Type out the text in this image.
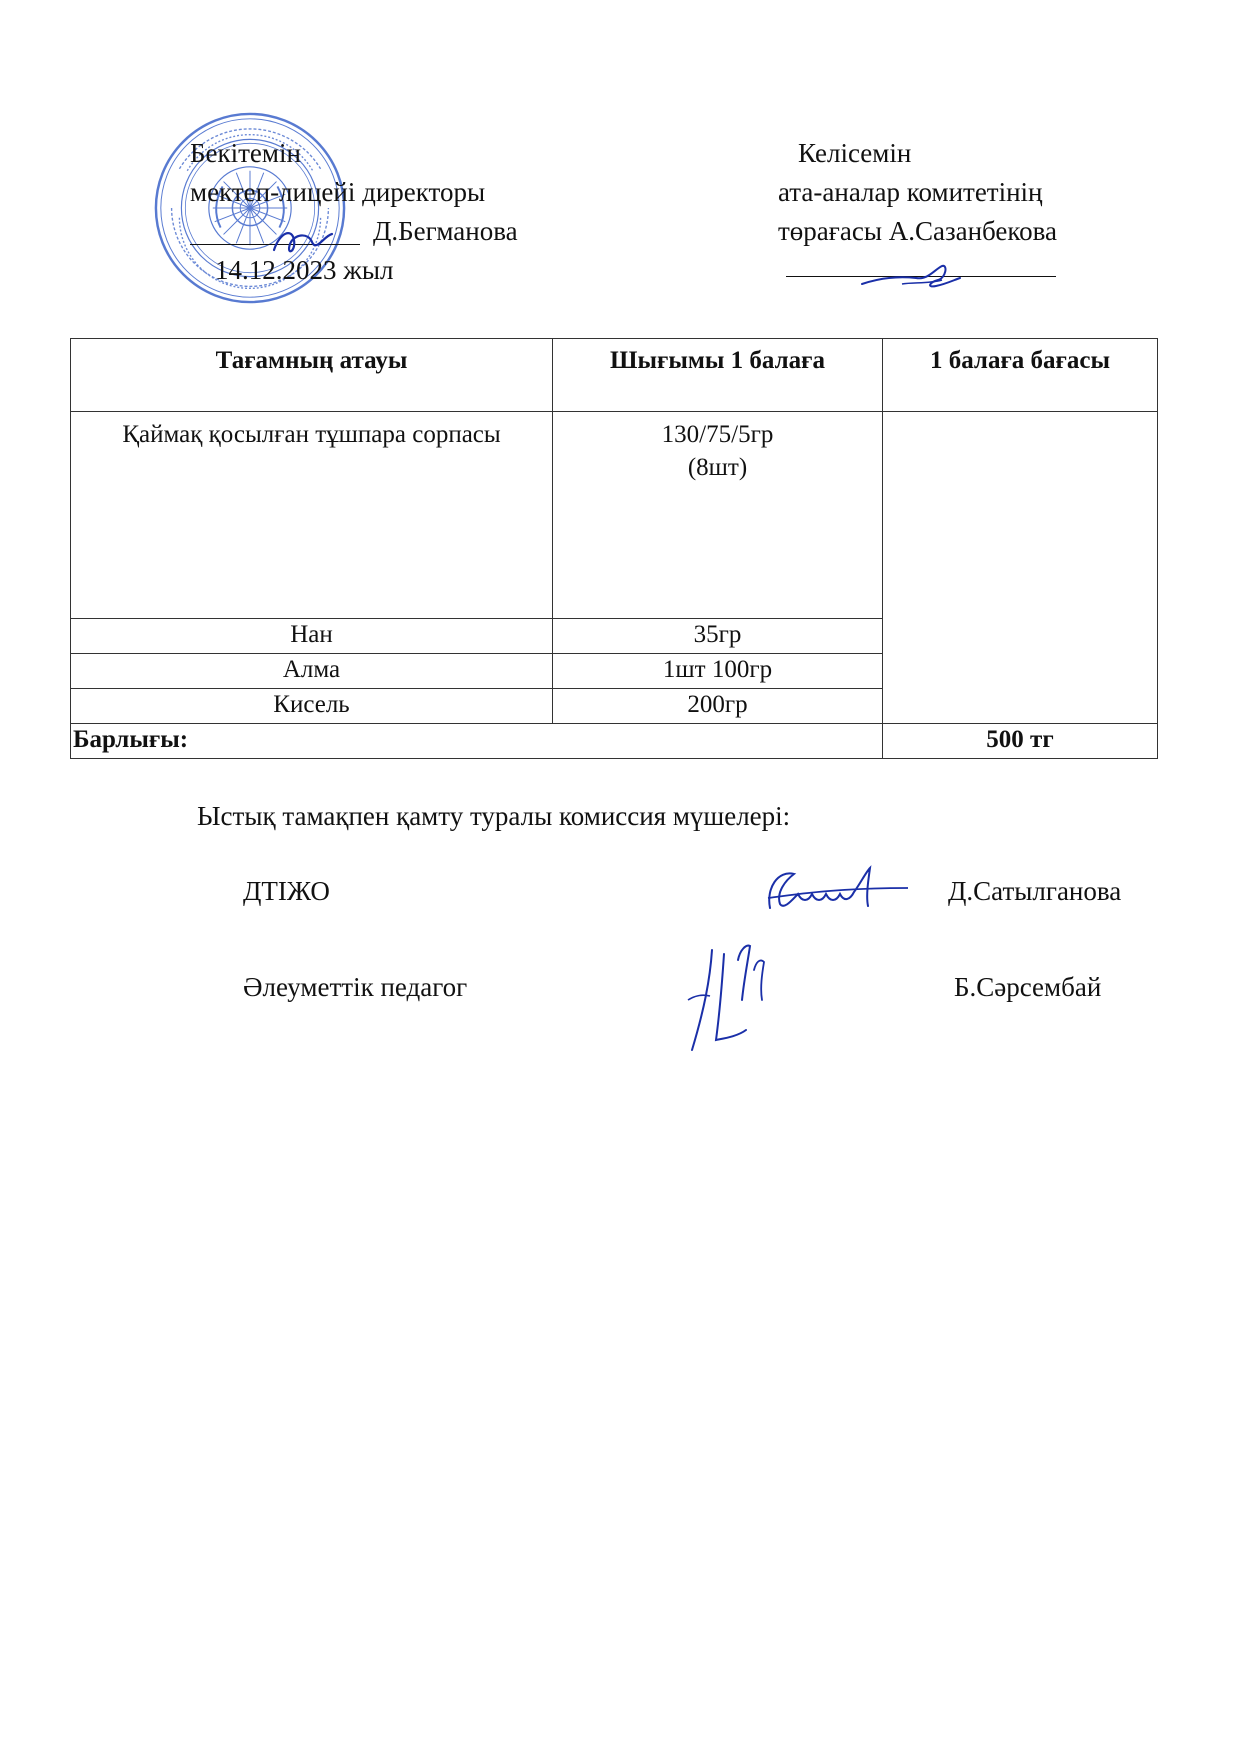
Бекітемін
мектеп-лицейі директоры
Д.Бегманова
14.12.2023 жыл
Келісемін
ата-аналар комитетінің
төрағасы А.Сазанбекова
Тағамның атауы	Шығымы 1 балаға	1 балаға бағасы
Қаймақ қосылған тұшпара сорпасы	130/75/5гр
(8шт)	

Нан	35гр	
Алма	1шт 100гр	
Кисель	200гр	
Барлығы:		500 тг
Ыстық тамақпен қамту туралы комиссия мүшелері:
ДТІЖО	Д.Сатылганова
Әлеуметтік педагог	Б.Сәрсембай
